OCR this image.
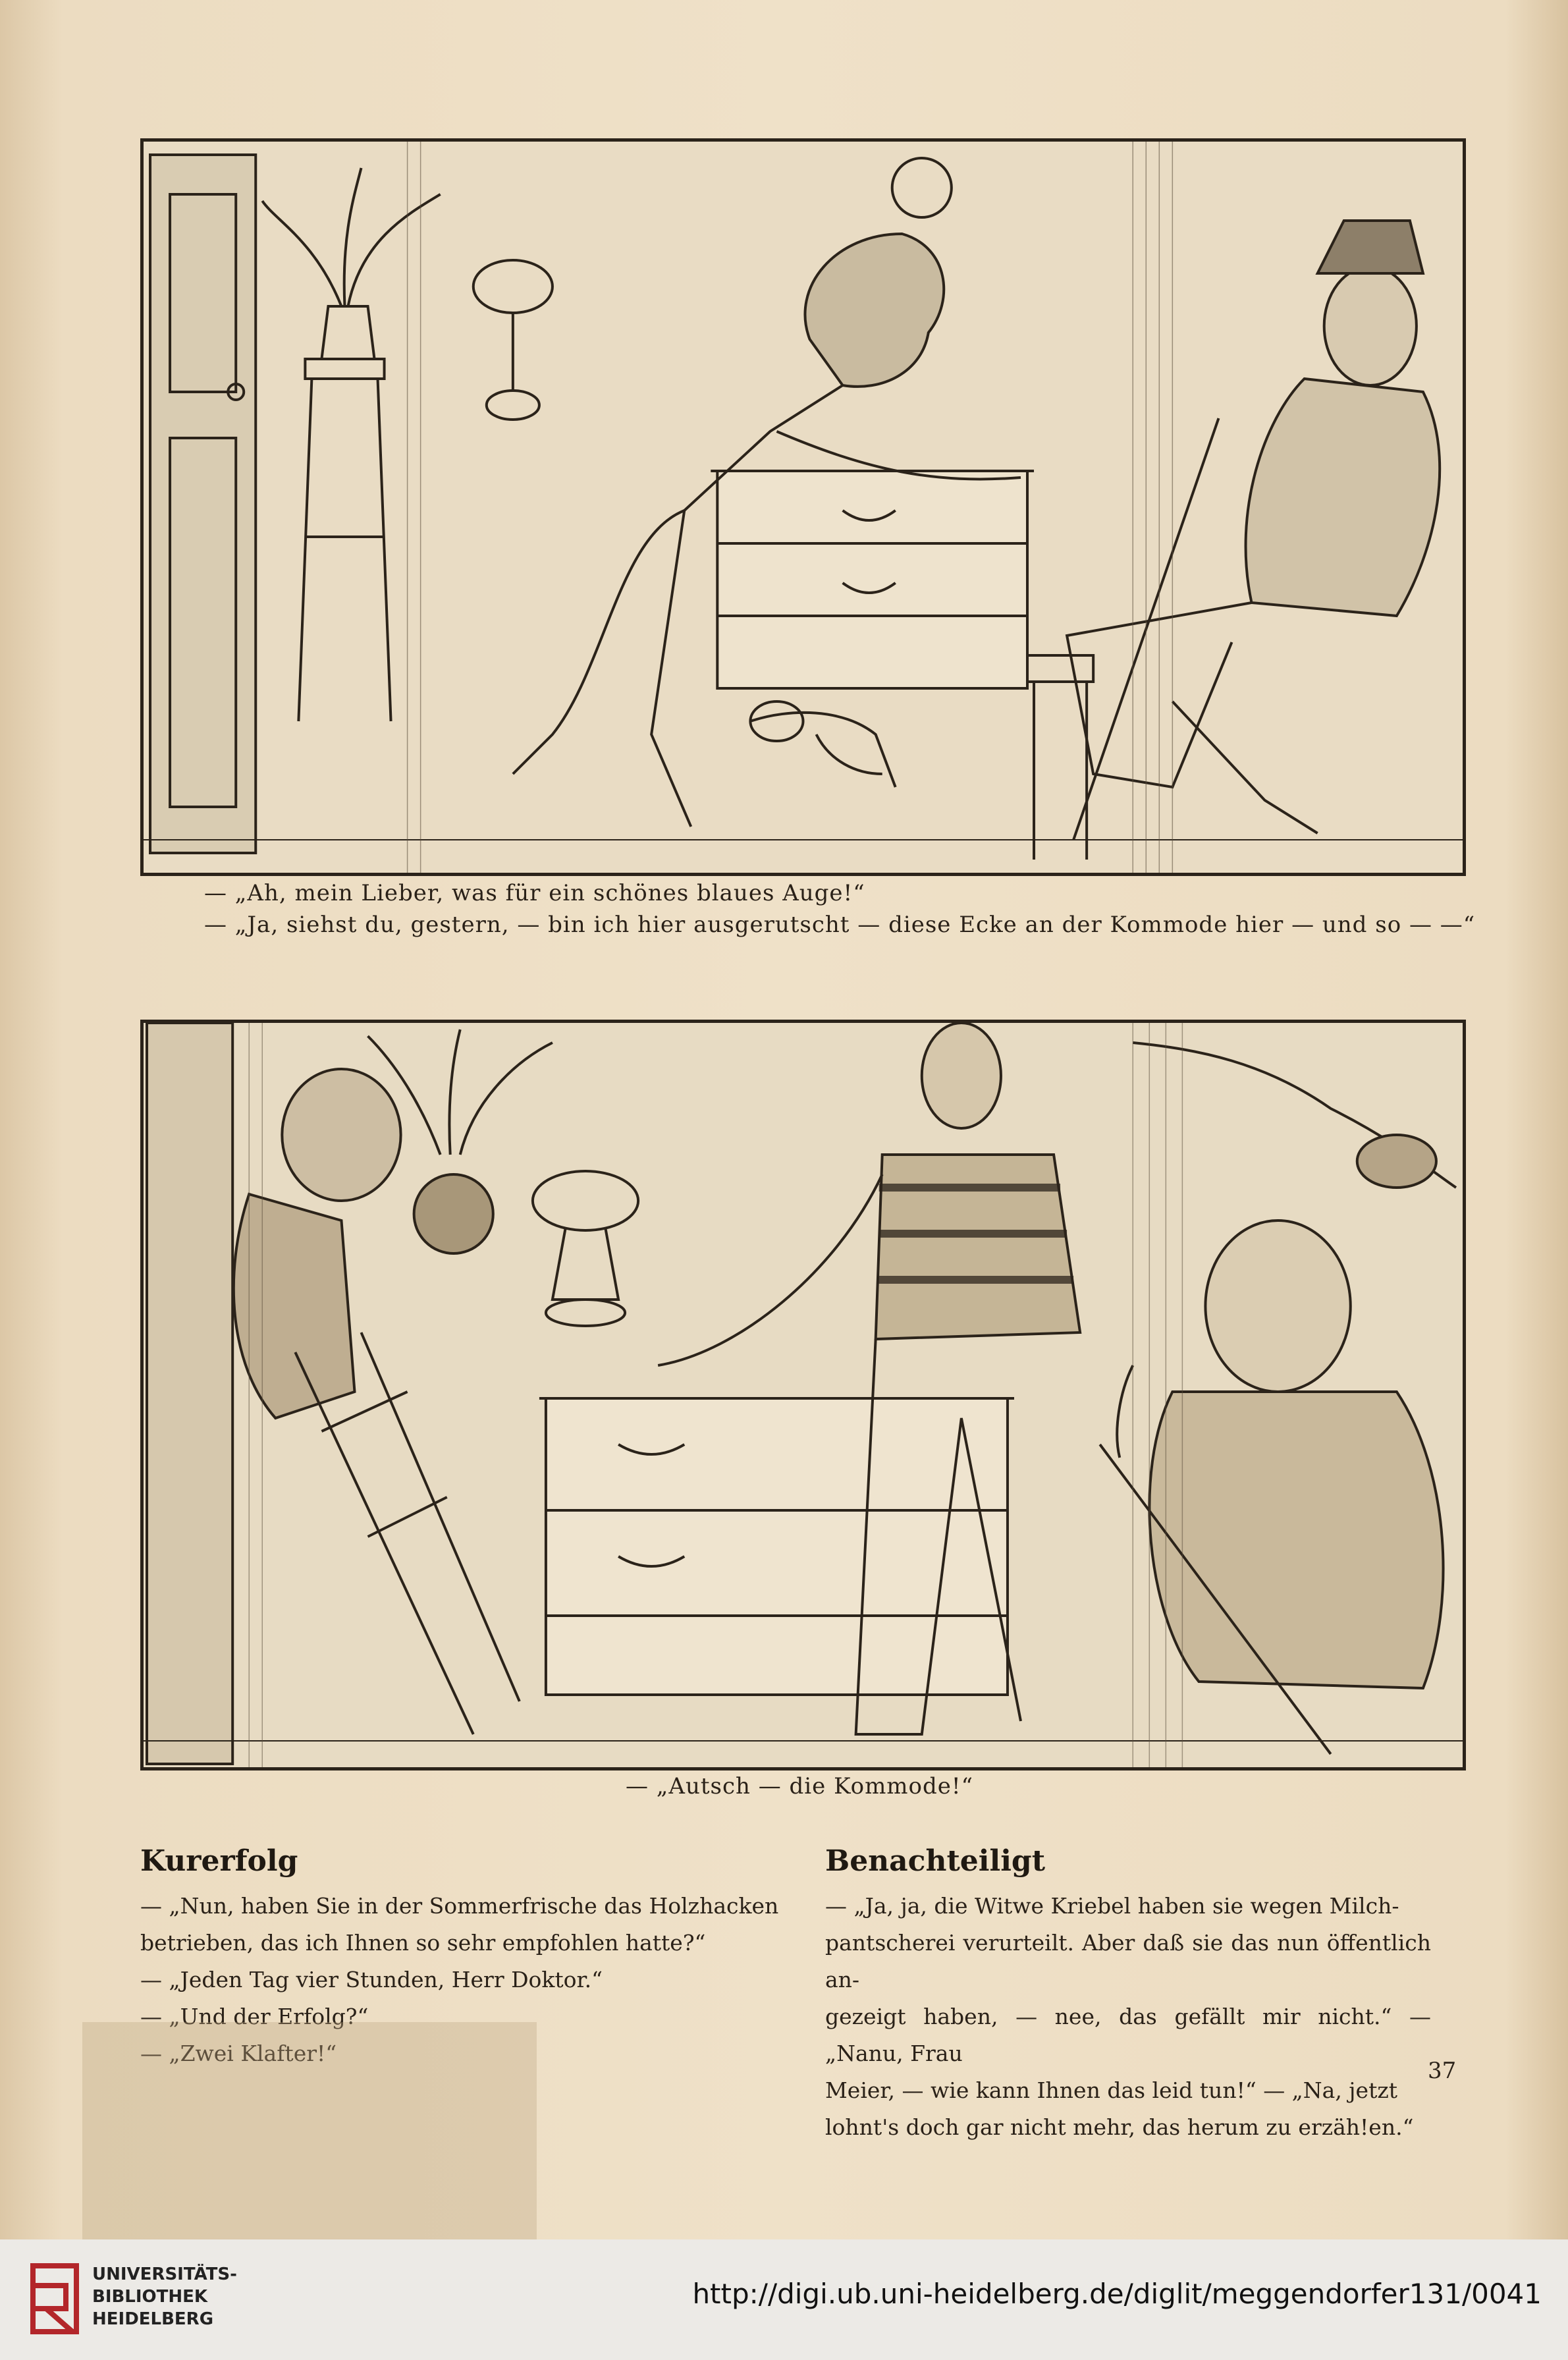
— „Ah, mein Lieber, was für ein schönes blaues Auge!“
— „Ja, siehst du, gestern, — bin ich hier ausgerutscht — diese Ecke an der Kommode hier — und so — —“
— „Autsch — die Kommode!“
Kurerfolg

— „Nun, haben Sie in der Sommerfrische das Holzhacken

betrieben, das ich Ihnen so sehr empfohlen hatte?“

— „Jeden Tag vier Stunden, Herr Doktor.“

— „Und der Erfolg?“

— „Zwei Klafter!“

Benachteiligt

— „Ja, ja, die Witwe Kriebel haben sie wegen Milch-

pantscherei verurteilt. Aber daß sie das nun öffentlich an-

gezeigt haben, — nee, das gefällt mir nicht.“ — „Nanu, Frau

Meier, — wie kann Ihnen das leid tun!“ — „Na, jetzt

lohnt's doch gar nicht mehr, das herum zu erzäh!en.“

37
UNIVERSITÄTS-
BIBLIOTHEK
HEIDELBERG
http://digi.ub.uni-heidelberg.de/diglit/meggendorfer131/0041
